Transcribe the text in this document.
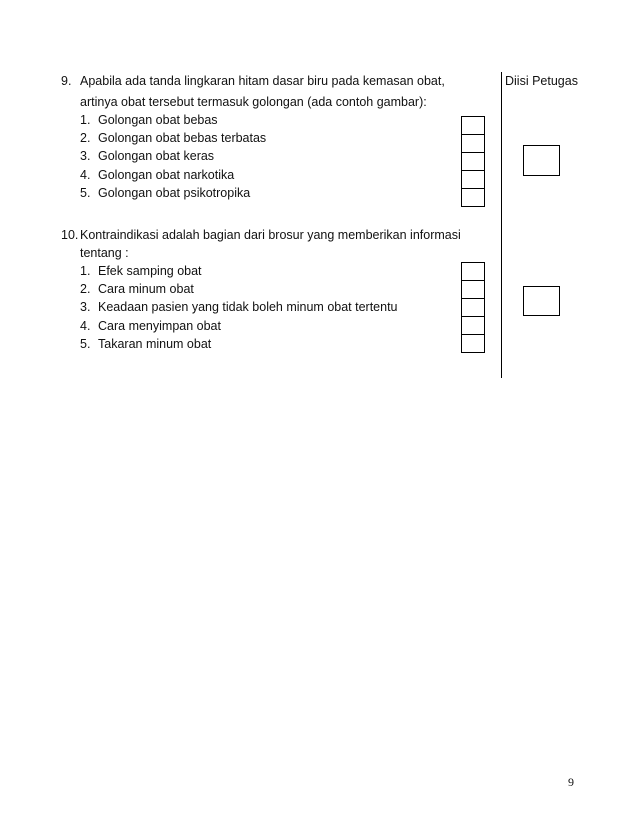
Diisi Petugas
9. Apabila ada tanda lingkaran hitam dasar biru pada kemasan obat,
artinya obat tersebut termasuk golongan (ada contoh gambar):
1. Golongan obat bebas
2. Golongan obat bebas terbatas
3. Golongan obat keras
4. Golongan obat narkotika
5. Golongan obat psikotropika
10. Kontraindikasi adalah bagian dari brosur yang memberikan informasi
tentang :
1. Efek samping obat
2. Cara minum obat
3. Keadaan pasien yang tidak boleh minum obat tertentu
4. Cara menyimpan obat
5. Takaran minum obat
9
